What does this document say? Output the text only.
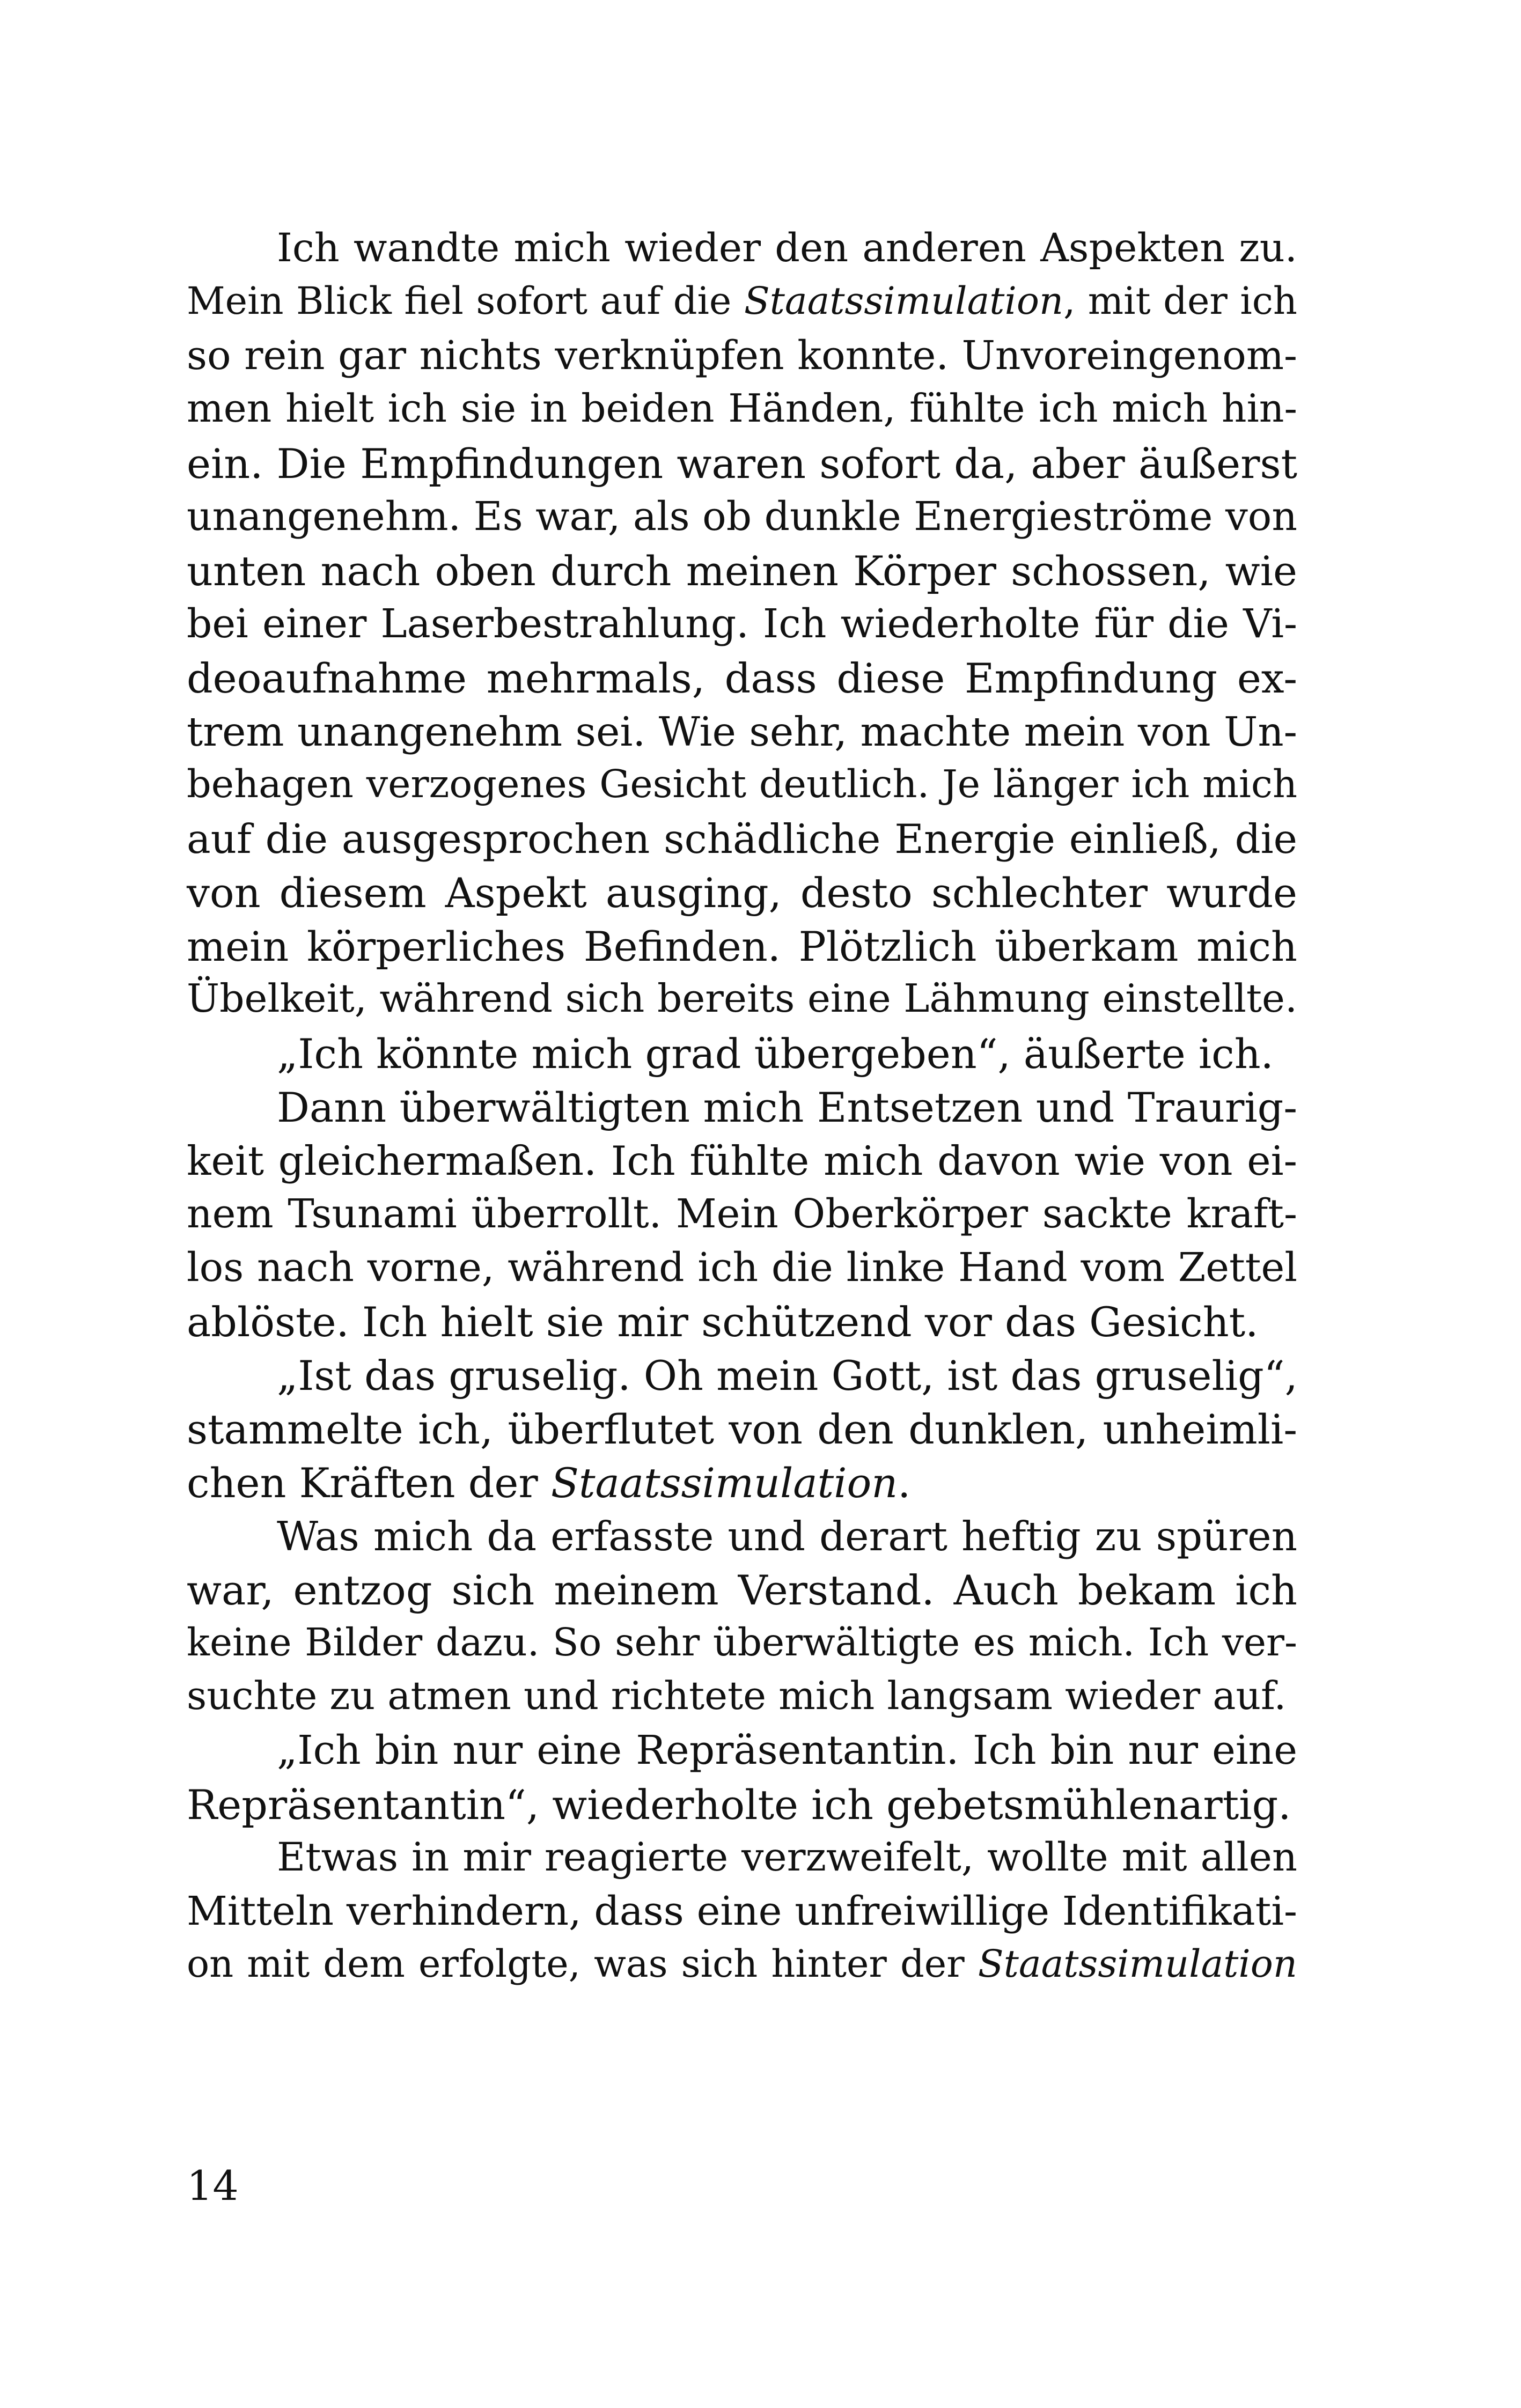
Ich wandte mich wieder den anderen Aspekten zu.
Mein Blick fiel sofort auf die Staatssimulation, mit der ich
so rein gar nichts verknüpfen konnte. Unvoreingenom-
men hielt ich sie in beiden Händen, fühlte ich mich hin-
ein. Die Empfindungen waren sofort da, aber äußerst
unangenehm. Es war, als ob dunkle Energieströme von
unten nach oben durch meinen Körper schossen, wie
bei einer Laserbestrahlung. Ich wiederholte für die Vi-
deoaufnahme mehrmals, dass diese Empfindung ex-
trem unangenehm sei. Wie sehr, machte mein von Un-
behagen verzogenes Gesicht deutlich. Je länger ich mich
auf die ausgesprochen schädliche Energie einließ, die
von diesem Aspekt ausging, desto schlechter wurde
mein körperliches Befinden. Plötzlich überkam mich
Übelkeit, während sich bereits eine Lähmung einstellte.
„Ich könnte mich grad übergeben“, äußerte ich.
Dann überwältigten mich Entsetzen und Traurig-
keit gleichermaßen. Ich fühlte mich davon wie von ei-
nem Tsunami überrollt. Mein Oberkörper sackte kraft-
los nach vorne, während ich die linke Hand vom Zettel
ablöste. Ich hielt sie mir schützend vor das Gesicht.
„Ist das gruselig. Oh mein Gott, ist das gruselig“,
stammelte ich, überflutet von den dunklen, unheimli-
chen Kräften der Staatssimulation.
Was mich da erfasste und derart heftig zu spüren
war, entzog sich meinem Verstand. Auch bekam ich
keine Bilder dazu. So sehr überwältigte es mich. Ich ver-
suchte zu atmen und richtete mich langsam wieder auf.
„Ich bin nur eine Repräsentantin. Ich bin nur eine
Repräsentantin“, wiederholte ich gebetsmühlenartig.
Etwas in mir reagierte verzweifelt, wollte mit allen
Mitteln verhindern, dass eine unfreiwillige Identifikati-
on mit dem erfolgte, was sich hinter der Staatssimulation
14
